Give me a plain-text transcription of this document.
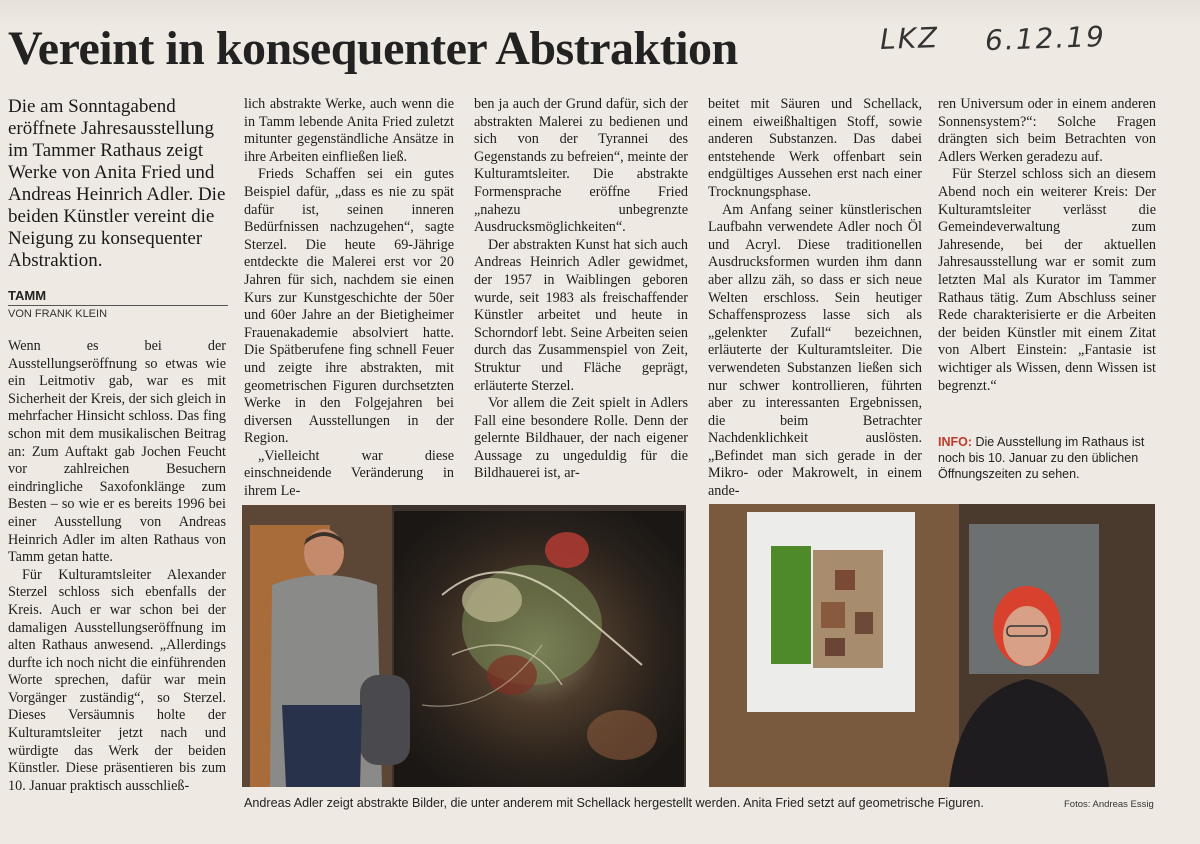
LKZ 6.12.19
Vereint in konsequenter Abstraktion
Die am Sonntagabend eröffnete Jahresausstellung im Tammer Rathaus zeigt Werke von Anita Fried und Andreas Heinrich Adler. Die beiden Künstler vereint die Neigung zu konsequenter Abstraktion.
TAMM
VON FRANK KLEIN

Wenn es bei der Ausstellungseröffnung so etwas wie ein Leitmotiv gab, war es mit Sicherheit der Kreis, der sich gleich in mehrfacher Hinsicht schloss. Das fing schon mit dem musikalischen Beitrag an: Zum Auftakt gab Jochen Feucht vor zahlreichen Besuchern eindringliche Saxofonklänge zum Besten – so wie er es bereits 1996 bei einer Ausstellung von Andreas Heinrich Adler im alten Rathaus von Tamm getan hatte.

Für Kulturamtsleiter Alexander Sterzel schloss sich ebenfalls der Kreis. Auch er war schon bei der damaligen Ausstellungseröffnung im alten Rathaus anwesend. „Allerdings durfte ich noch nicht die einführenden Worte sprechen, dafür war mein Vorgänger zuständig“, so Sterzel. Dieses Versäumnis holte der Kulturamtsleiter jetzt nach und würdigte das Werk der beiden Künstler. Diese präsentieren bis zum 10. Januar praktisch ausschließ-

lich abstrakte Werke, auch wenn die in Tamm lebende Anita Fried zuletzt mitunter gegenständliche Ansätze in ihre Arbeiten einfließen ließ.

Frieds Schaffen sei ein gutes Beispiel dafür, „dass es nie zu spät dafür ist, seinen inneren Bedürfnissen nachzugehen“, sagte Sterzel. Die heute 69-Jährige entdeckte die Malerei erst vor 20 Jahren für sich, nachdem sie einen Kurs zur Kunstgeschichte der 50er und 60er Jahre an der Bietigheimer Frauenakademie absolviert hatte. Die Spätberufene fing schnell Feuer und zeigte ihre abstrakten, mit geometrischen Figuren durchsetzten Werke in den Folgejahren bei diversen Ausstellungen in der Region.

„Vielleicht war diese einschneidende Veränderung in ihrem Le-

ben ja auch der Grund dafür, sich der abstrakten Malerei zu bedienen und sich von der Tyrannei des Gegenstands zu befreien“, meinte der Kulturamtsleiter. Die abstrakte Formensprache eröffne Fried „nahezu unbegrenzte Ausdrucksmöglichkeiten“.

Der abstrakten Kunst hat sich auch Andreas Heinrich Adler gewidmet, der 1957 in Waiblingen geboren wurde, seit 1983 als freischaffender Künstler arbeitet und heute in Schorndorf lebt. Seine Arbeiten seien durch das Zusammenspiel von Zeit, Struktur und Fläche geprägt, erläuterte Sterzel.

Vor allem die Zeit spielt in Adlers Fall eine besondere Rolle. Denn der gelernte Bildhauer, der nach eigener Aussage zu ungeduldig für die Bildhauerei ist, ar-

beitet mit Säuren und Schellack, einem eiweißhaltigen Stoff, sowie anderen Substanzen. Das dabei entstehende Werk offenbart sein endgültiges Aussehen erst nach einer Trocknungsphase.

Am Anfang seiner künstlerischen Laufbahn verwendete Adler noch Öl und Acryl. Diese traditionellen Ausdrucksformen wurden ihm dann aber allzu zäh, so dass er sich neue Welten erschloss. Sein heutiger Schaffensprozess lasse sich als „gelenkter Zufall“ bezeichnen, erläuterte der Kulturamtsleiter. Die verwendeten Substanzen ließen sich nur schwer kontrollieren, führten aber zu interessanten Ergebnissen, die beim Betrachter Nachdenklichkeit auslösten. „Befindet man sich gerade in der Mikro- oder Makrowelt, in einem ande-

ren Universum oder in einem anderen Sonnensystem?“: Solche Fragen drängten sich beim Betrachten von Adlers Werken geradezu auf.

Für Sterzel schloss sich an diesem Abend noch ein weiterer Kreis: Der Kulturamtsleiter verlässt die Gemeindeverwaltung zum Jahresende, bei der aktuellen Jahresausstellung war er somit zum letzten Mal als Kurator im Tammer Rathaus tätig. Zum Abschluss seiner Rede charakterisierte er die Arbeiten der beiden Künstler mit einem Zitat von Albert Einstein: „Fantasie ist wichtiger als Wissen, denn Wissen ist begrenzt.“

INFO: Die Ausstellung im Rathaus ist noch bis 10. Januar zu den üblichen Öffnungszeiten zu sehen.
Andreas Adler zeigt abstrakte Bilder, die unter anderem mit Schellack hergestellt werden. Anita Fried setzt auf geometrische Figuren.	Fotos: Andreas Essig
